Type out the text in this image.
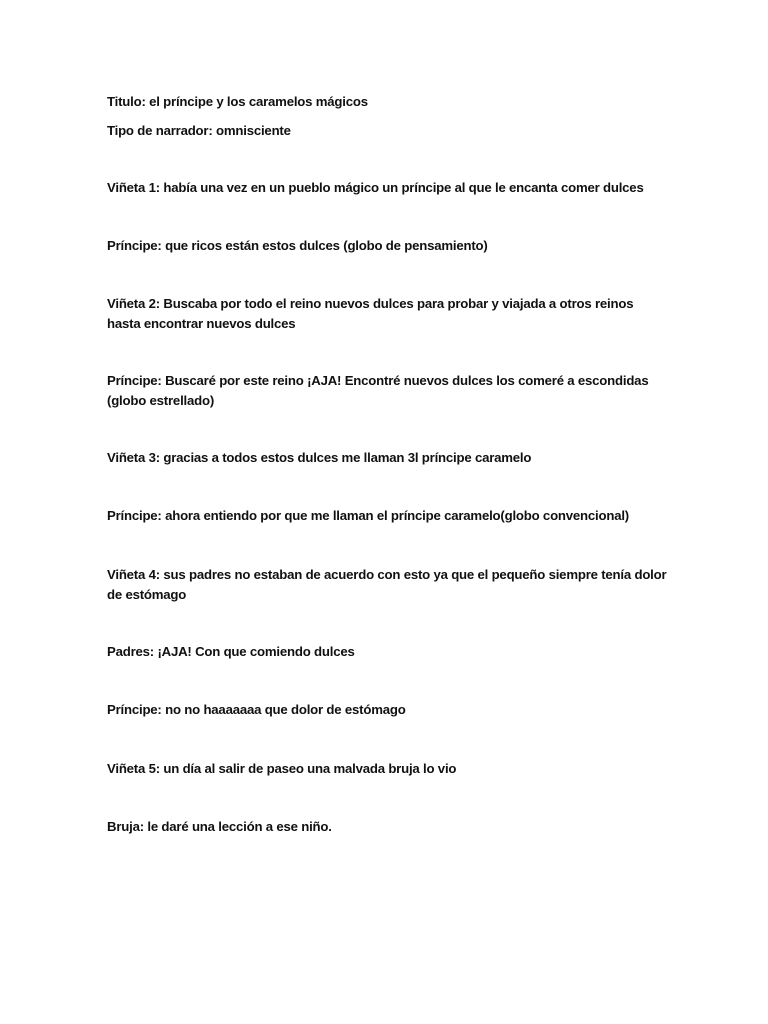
Titulo: el príncipe y los caramelos mágicos
Tipo de narrador: omnisciente
Viñeta 1: había una vez en un pueblo mágico un príncipe al que le encanta comer dulces
Príncipe: que ricos están estos dulces (globo de pensamiento)
Viñeta 2: Buscaba por todo el reino nuevos dulces para probar y viajada a otros reinos hasta encontrar nuevos dulces
Príncipe: Buscaré por este reino ¡AJA! Encontré nuevos dulces los comeré a escondidas (globo estrellado)
Viñeta 3: gracias a todos estos dulces me llaman 3l príncipe caramelo
Príncipe: ahora entiendo por que me llaman el príncipe caramelo(globo convencional)
Viñeta 4: sus padres no estaban de acuerdo con esto ya que el pequeño siempre tenía dolor de estómago
Padres: ¡AJA! Con que comiendo dulces
Príncipe: no no haaaaaaa que dolor de estómago
Viñeta 5: un día al salir de paseo una malvada bruja lo vio
Bruja: le daré una lección a ese niño.
